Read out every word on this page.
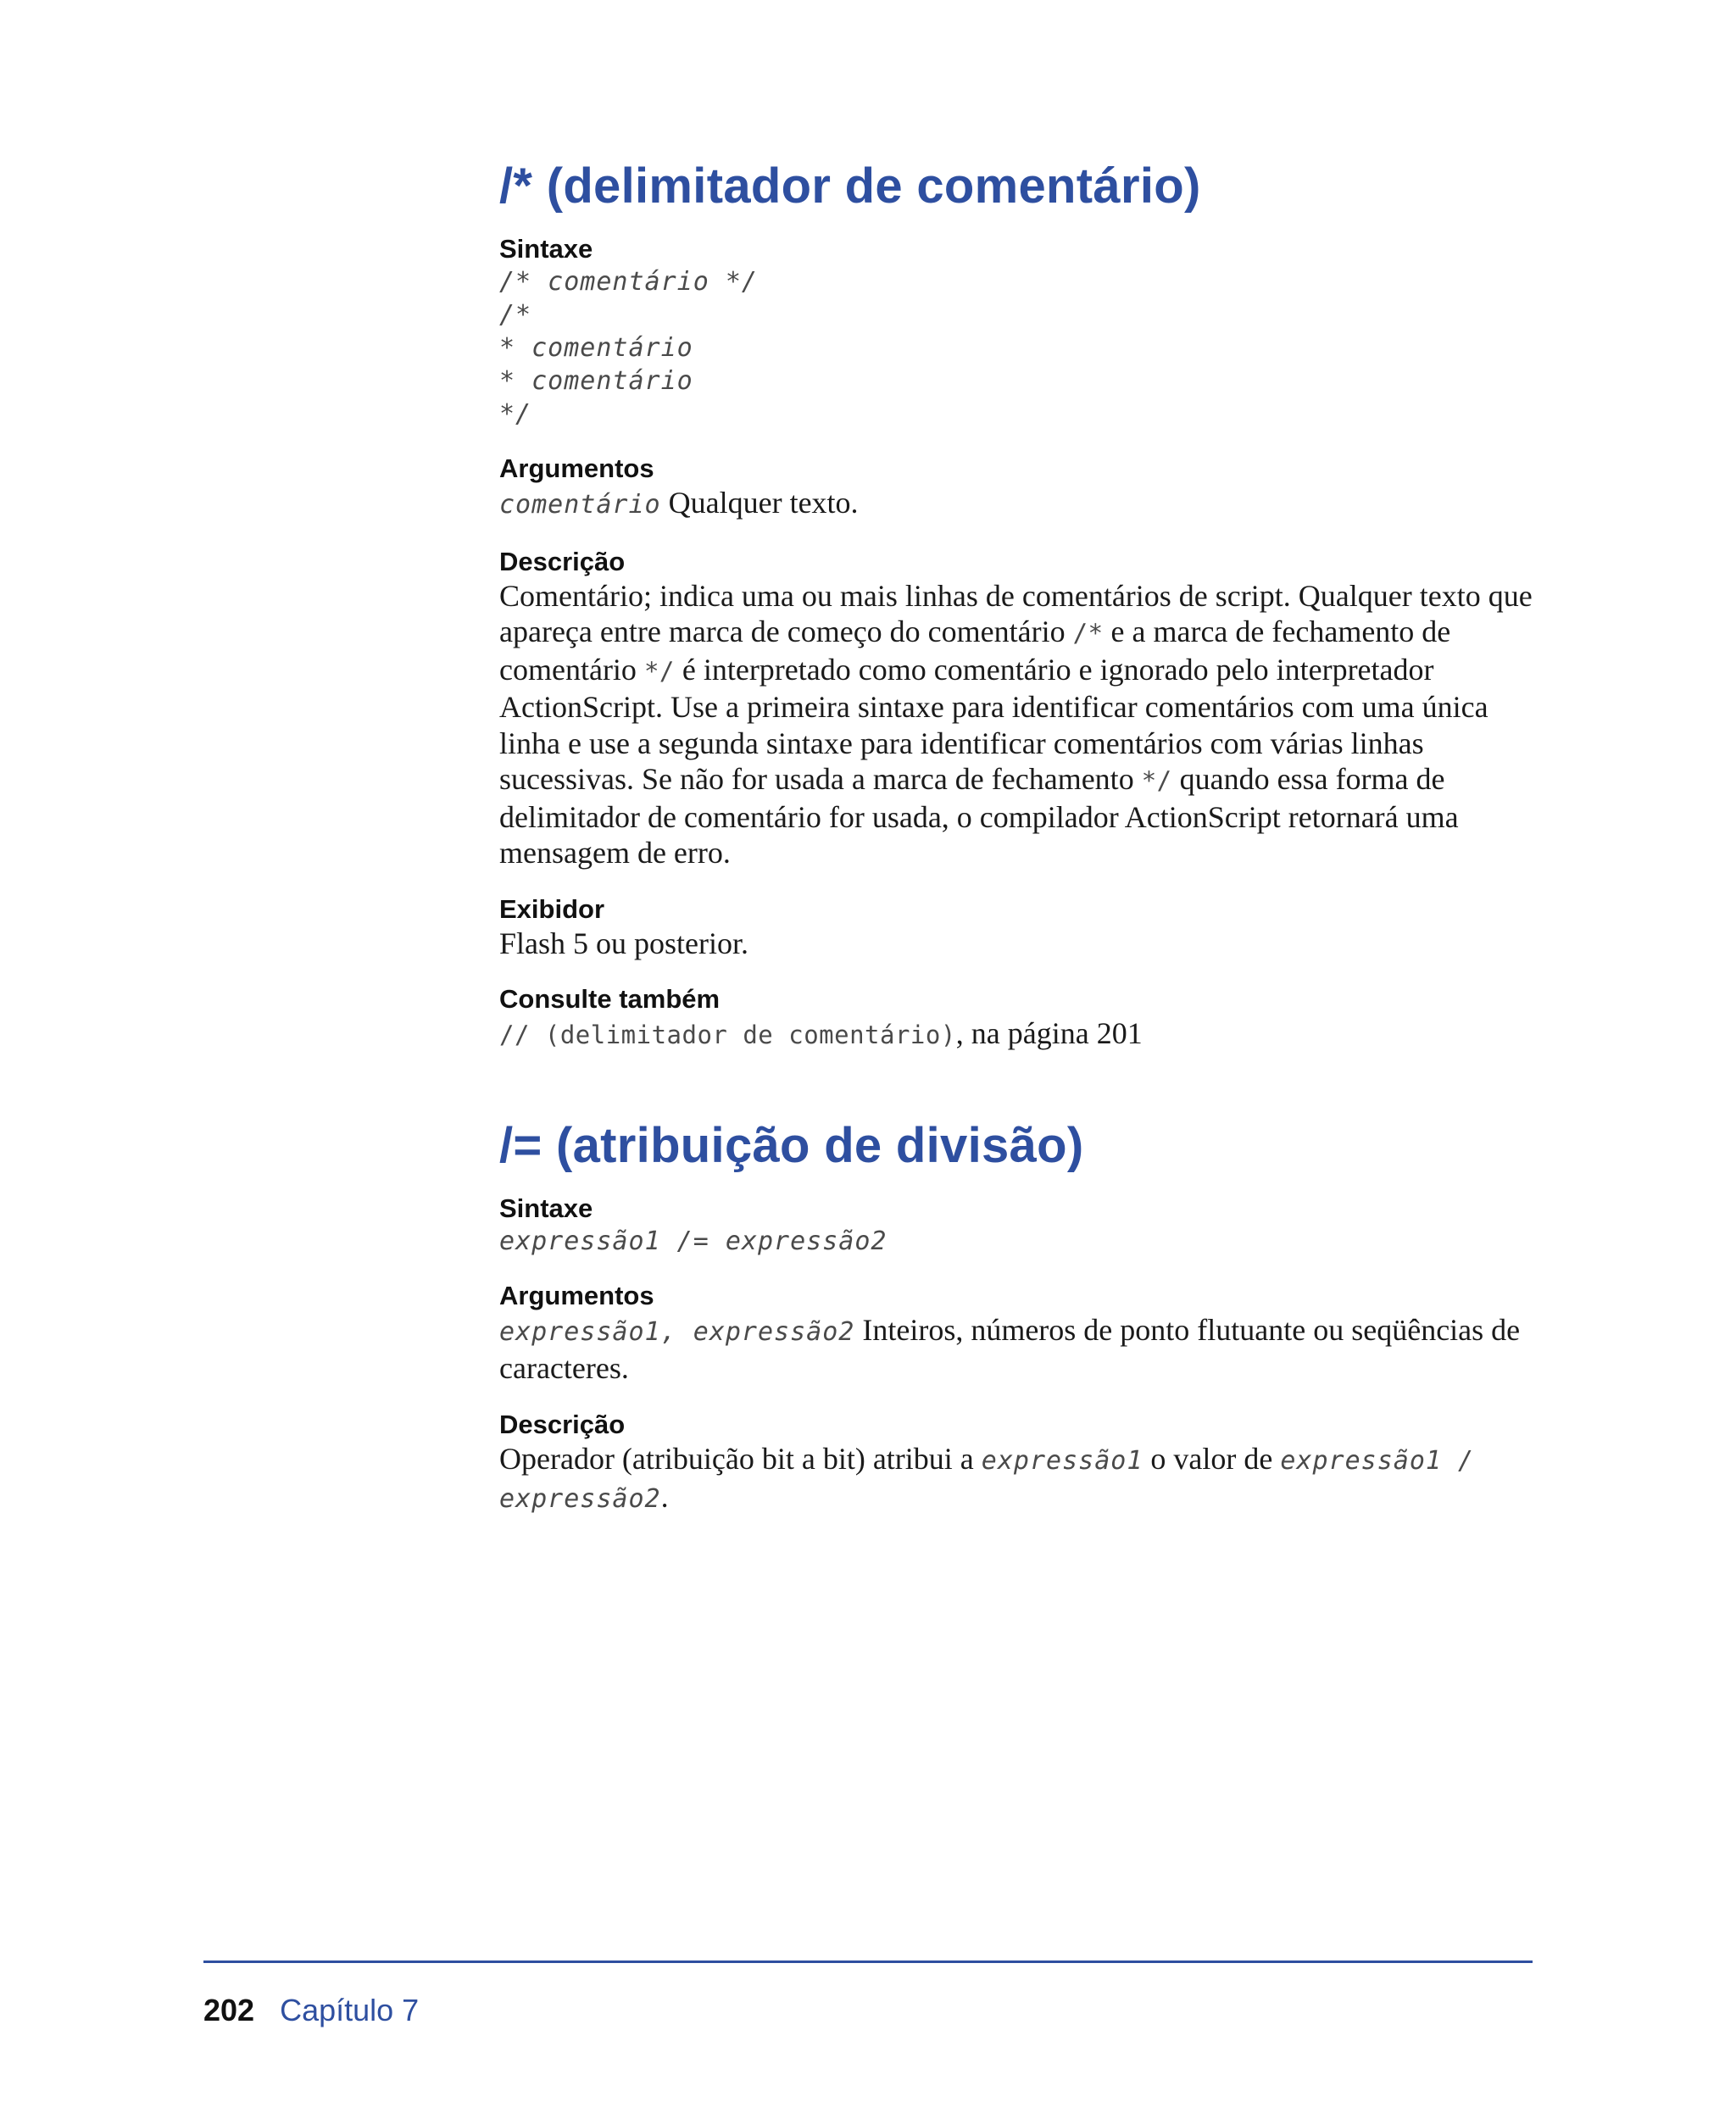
/* (delimitador de comentário)
Sintaxe
/* comentário */
/*
* comentário
* comentário
*/
Argumentos

comentário Qualquer texto.

Descrição

Comentário; indica uma ou mais linhas de comentários de script. Qualquer texto que apareça entre marca de começo do comentário /* e a marca de fechamento de comentário */ é interpretado como comentário e ignorado pelo interpretador ActionScript. Use a primeira sintaxe para identificar comentários com uma única linha e use a segunda sintaxe para identificar comentários com várias linhas sucessivas. Se não for usada a marca de fechamento */ quando essa forma de delimitador de comentário for usada, o compilador ActionScript retornará uma mensagem de erro.

Exibidor

Flash 5 ou posterior.

Consulte também

// (delimitador de comentário), na página 201

/= (atribuição de divisão)
Sintaxe
expressão1 /= expressão2
Argumentos

expressão1, expressão2 Inteiros, números de ponto flutuante ou seqüências de caracteres.

Descrição

Operador (atribuição bit a bit) atribui a expressão1 o valor de expressão1 / expressão2.

202 Capítulo 7
